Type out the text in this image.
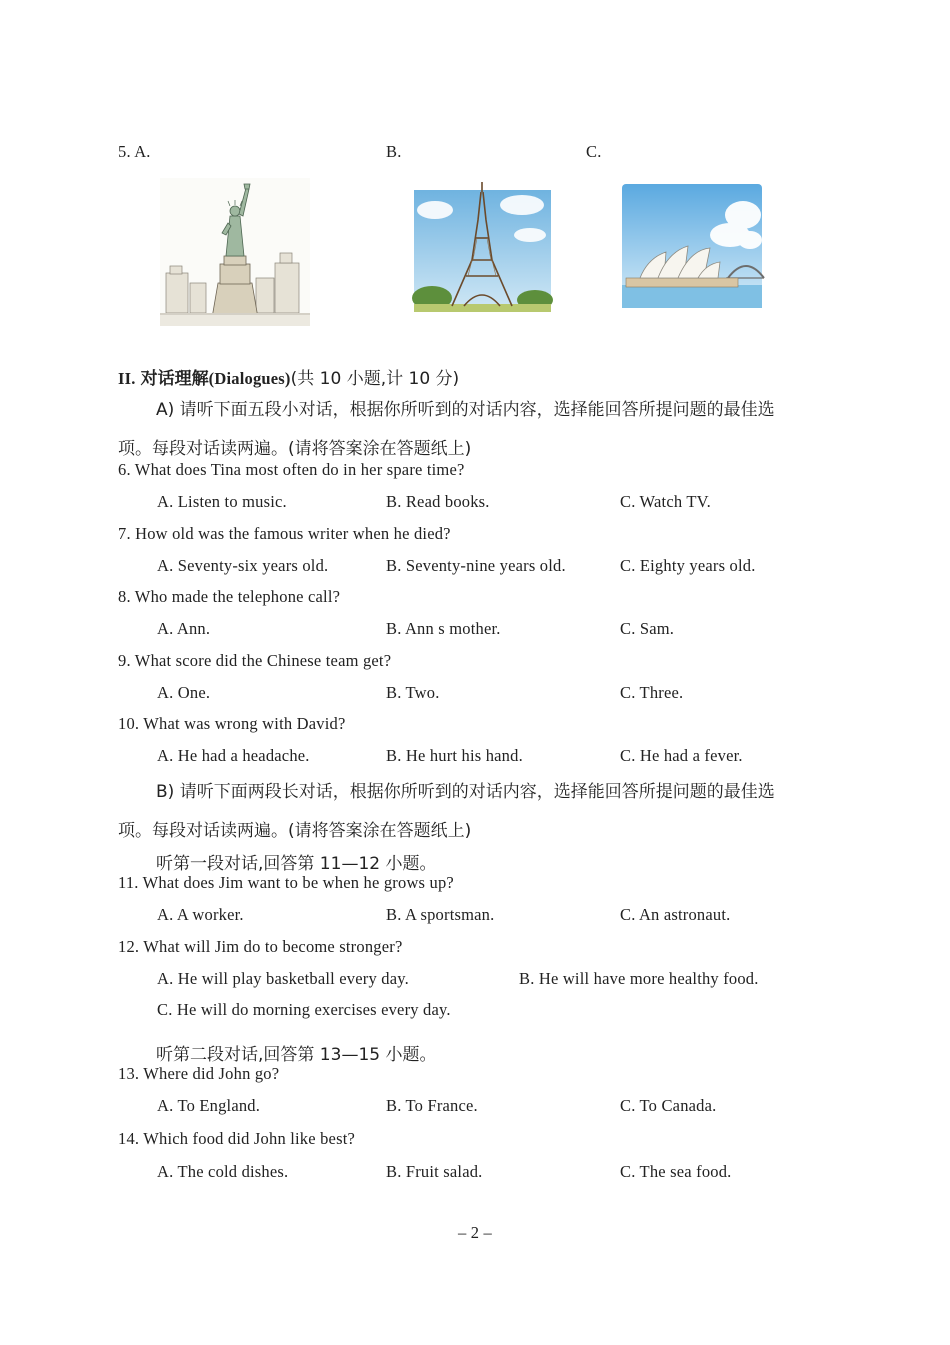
5. A.	B.	C.
II. 对话理解(Dialogues)(共 10 小题,计 10 分)
A) 请听下面五段小对话，根据你所听到的对话内容，选择能回答所提问题的最佳选
项。每段对话读两遍。(请将答案涂在答题纸上)
6. What does Tina most often do in her spare time?
A. Listen to music.	B. Read books.	C. Watch TV.
7. How old was the famous writer when he died?
A. Seventy-six years old.	B. Seventy-nine years old.	C. Eighty years old.
8. Who made the telephone call?
A. Ann.	B. Ann s mother.	C. Sam.
9. What score did the Chinese team get?
A. One.	B. Two.	C. Three.
10. What was wrong with David?
A. He had a headache.	B. He hurt his hand.	C. He had a fever.
B) 请听下面两段长对话，根据你所听到的对话内容，选择能回答所提问题的最佳选
项。每段对话读两遍。(请将答案涂在答题纸上)
听第一段对话,回答第 11—12 小题。
11. What does Jim want to be when he grows up?
A. A worker.	B. A sportsman.	C. An astronaut.
12. What will Jim do to become stronger?
A. He will play basketball every day.	B. He will have more healthy food.
C. He will do morning exercises every day.
听第二段对话,回答第 13—15 小题。
13. Where did John go?
A. To England.	B. To France.	C. To Canada.
14. Which food did John like best?
A. The cold dishes.	B. Fruit salad.	C. The sea food.
– 2 –
